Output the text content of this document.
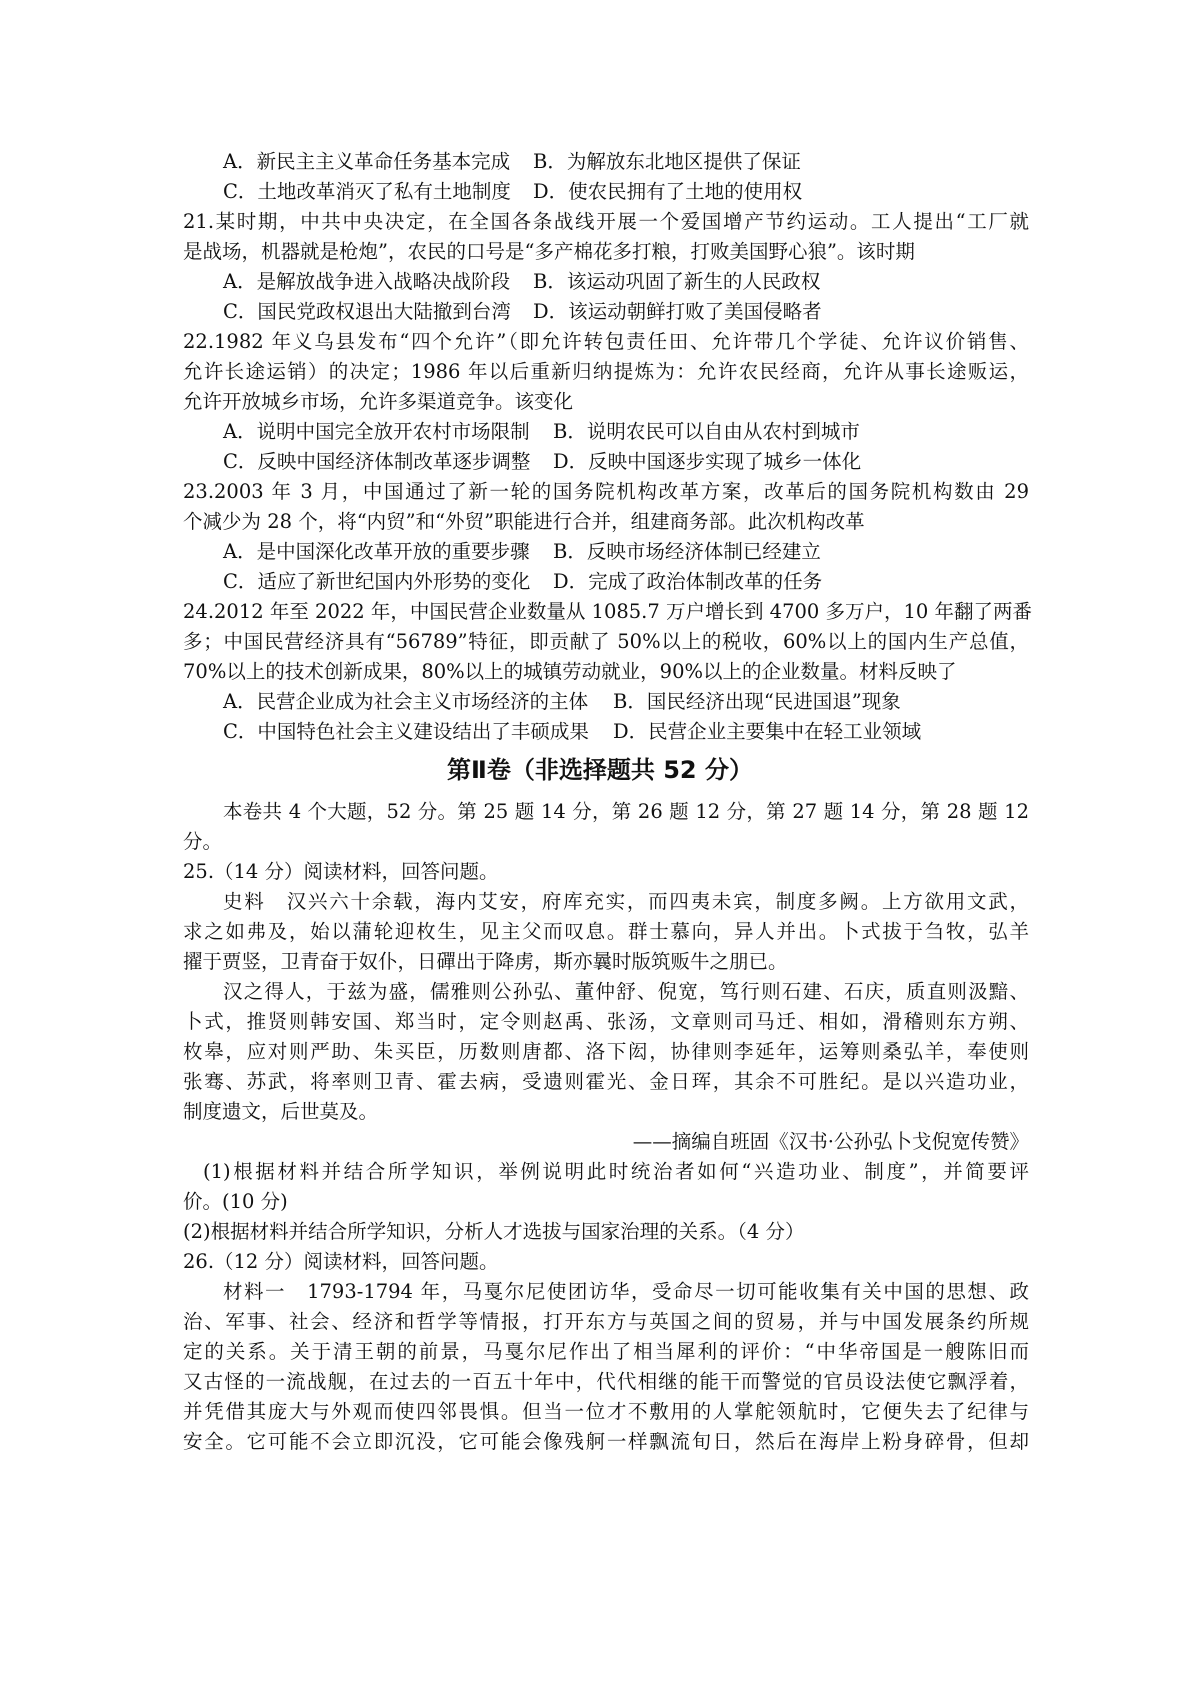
A．新民主主义革命任务基本完成 B．为解放东北地区提供了保证
C．土地改革消灭了私有土地制度 D．使农民拥有了土地的使用权
21.某时期，中共中央决定，在全国各条战线开展一个爱国增产节约运动。工人提出“工厂就
是战场，机器就是枪炮”，农民的口号是“多产棉花多打粮，打败美国野心狼”。该时期
A．是解放战争进入战略决战阶段 B．该运动巩固了新生的人民政权
C．国民党政权退出大陆撤到台湾 D．该运动朝鲜打败了美国侵略者
22.1982 年义乌县发布“四个允许”（即允许转包责任田、允许带几个学徒、允许议价销售、
允许长途运销）的决定；1986 年以后重新归纳提炼为：允许农民经商，允许从事长途贩运，
允许开放城乡市场，允许多渠道竞争。该变化
A．说明中国完全放开农村市场限制 B．说明农民可以自由从农村到城市
C．反映中国经济体制改革逐步调整 D．反映中国逐步实现了城乡一体化
23.2003 年 3 月，中国通过了新一轮的国务院机构改革方案，改革后的国务院机构数由 29
个减少为 28 个，将“内贸”和“外贸”职能进行合并，组建商务部。此次机构改革
A．是中国深化改革开放的重要步骤 B．反映市场经济体制已经建立
C．适应了新世纪国内外形势的变化 D．完成了政治体制改革的任务
24.2012 年至 2022 年，中国民营企业数量从 1085.7 万户增长到 4700 多万户，10 年翻了两番
多；中国民营经济具有“56789”特征，即贡献了 50%以上的税收，60%以上的国内生产总值，
70%以上的技术创新成果，80%以上的城镇劳动就业，90%以上的企业数量。材料反映了
A．民营企业成为社会主义市场经济的主体 B．国民经济出现“民进国退”现象
C．中国特色社会主义建设结出了丰硕成果 D．民营企业主要集中在轻工业领域
第Ⅱ卷（非选择题共 52 分）
本卷共 4 个大题，52 分。第 25 题 14 分，第 26 题 12 分，第 27 题 14 分，第 28 题 12
分。
25.（14 分）阅读材料，回答问题。
史料　汉兴六十余载，海内艾安，府库充实，而四夷未宾，制度多阙。上方欲用文武，
求之如弗及，始以蒲轮迎枚生，见主父而叹息。群士慕向，异人并出。卜式拔于刍牧，弘羊
擢于贾竖，卫青奋于奴仆，日磾出于降虏，斯亦曩时版筑贩牛之朋已。
汉之得人，于兹为盛，儒雅则公孙弘、董仲舒、倪宽，笃行则石建、石庆，质直则汲黯、
卜式，推贤则韩安国、郑当时，定令则赵禹、张汤，文章则司马迁、相如，滑稽则东方朔、
枚皋，应对则严助、朱买臣，历数则唐都、洛下闳，协律则李延年，运筹则桑弘羊，奉使则
张骞、苏武，将率则卫青、霍去病，受遗则霍光、金日珲，其余不可胜纪。是以兴造功业，
制度遗文，后世莫及。
——摘编自班固《汉书·公孙弘卜戈倪宽传赞》
(1)根据材料并结合所学知识，举例说明此时统治者如何“兴造功业、制度”，并简要评
价。(10 分)
(2)根据材料并结合所学知识，分析人才选拔与国家治理的关系。（4 分）
26.（12 分）阅读材料，回答问题。
材料一　1793-1794 年，马戛尔尼使团访华，受命尽一切可能收集有关中国的思想、政
治、军事、社会、经济和哲学等情报，打开东方与英国之间的贸易，并与中国发展条约所规
定的关系。关于清王朝的前景，马戛尔尼作出了相当犀利的评价：“中华帝国是一艘陈旧而
又古怪的一流战舰，在过去的一百五十年中，代代相继的能干而警觉的官员设法使它飘浮着，
并凭借其庞大与外观而使四邻畏惧。但当一位才不敷用的人掌舵领航时，它便失去了纪律与
安全。它可能不会立即沉没，它可能会像残舸一样飘流旬日，然后在海岸上粉身碎骨，但却
